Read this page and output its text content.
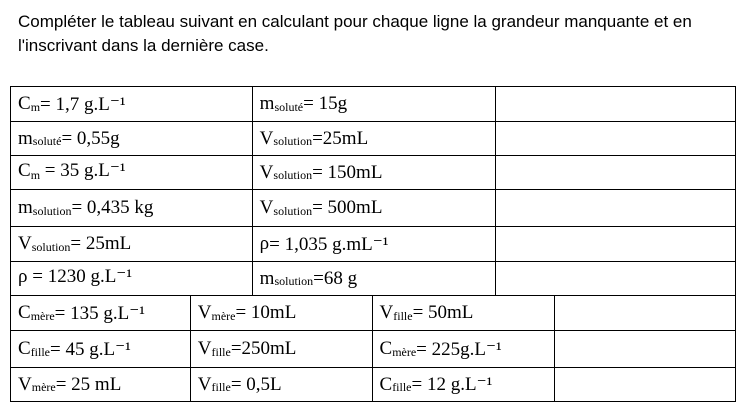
Compléter le tableau suivant en calculant pour chaque ligne la grandeur manquante et en
l'inscrivant dans la dernière case.

$C_m = 1,7$ g.L⁻¹	$m_{soluté} = 15g$
$m_{soluté} = 0,55g$	$V_{solution} =25mL$
$C_m = 35$ g.L⁻¹	$V_{solution} = 150mL$
$m_{solution} = 0,435$ kg	$V_{solution} = 500mL$
$V_{solution} = 25mL$	ρ = 1,035 g.mL⁻¹
ρ = 1230 g.L⁻¹	$m_{solution} =68$ g
$C_{mère} = 135$ g.L⁻¹	$V_{mère} = 10mL$	$V_{fille} = 50mL$
$C_{fille} = 45$ g.L⁻¹	$V_{fille} =250mL$	$C_{mère} = 225g.L^{-1}$
$V_{mère} = 25$ mL	$V_{fille} = 0,5L$	$C_{fille} = 12$ g.L⁻¹
